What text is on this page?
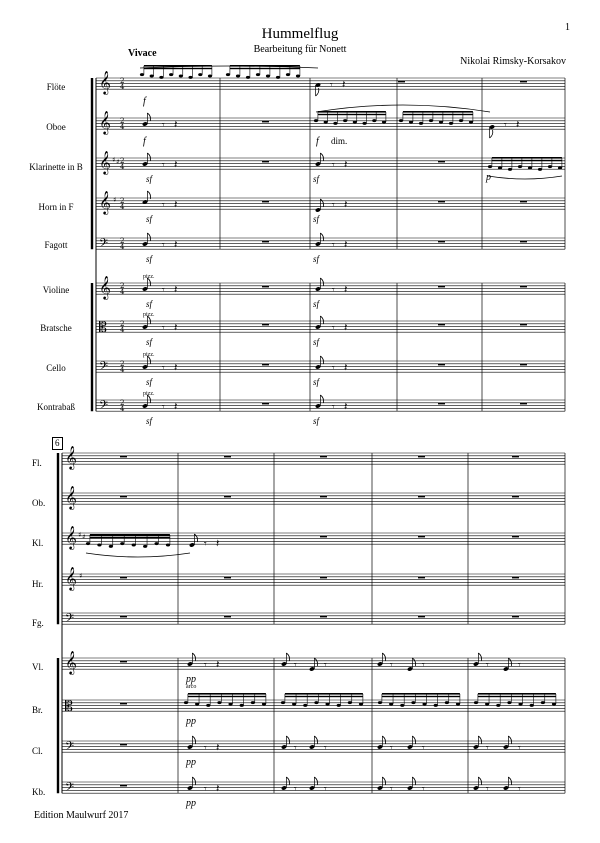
1
Hummelflug
Bearbeitung für Nonett
Nikolai Rimsky-Korsakov
Vivace
Flöte
Oboe
Klarinette in B
Horn in F
Fagott
Violine
Bratsche
Cello
Kontrabaß
6
Fl.
Ob.
Kl.
Hr.
Fg.
Vl.
Br.
Cl.
Kb.
Edition Maulwurf 2017
𝄞 2
4
𝄞 2
4
𝄞 2
4
𝄞 2
4
𝄢 2
4
𝄞 2
4
𝄡 2
4
𝄢 2
4
𝄢 2
4
♯ ♯
♯
𝄾 𝄽
𝄾 𝄽	𝄾 𝄽
𝄾 𝄽	𝄾 𝄽
𝄾 𝄽	𝄾 𝄽
𝄾 𝄽	𝄾 𝄽
𝄾 𝄽	𝄾 𝄽
𝄾 𝄽	𝄾 𝄽
𝄾 𝄽	𝄾 𝄽
𝄾 𝄽	𝄾 𝄽
𝄞
𝄞
𝄞
𝄞
𝄢
𝄞
𝄡
𝄢
𝄢
♯ ♯
♯
𝄾 𝄽
𝄾 𝄽	𝄾	𝄾	𝄾	𝄾	𝄾	𝄾
𝄾 𝄽	𝄾	𝄾	𝄾	𝄾	𝄾	𝄾
𝄾 𝄽	𝄾	𝄾	𝄾	𝄾	𝄾	𝄾
f
f	f dim.
sf	sf	p
sf	sf
sf	sf
sf	sf
pizz.
sf	sf
pizz.
sf	sf
pizz.
sf	sf
pizz.
pp
arco
pp
pp
pp
